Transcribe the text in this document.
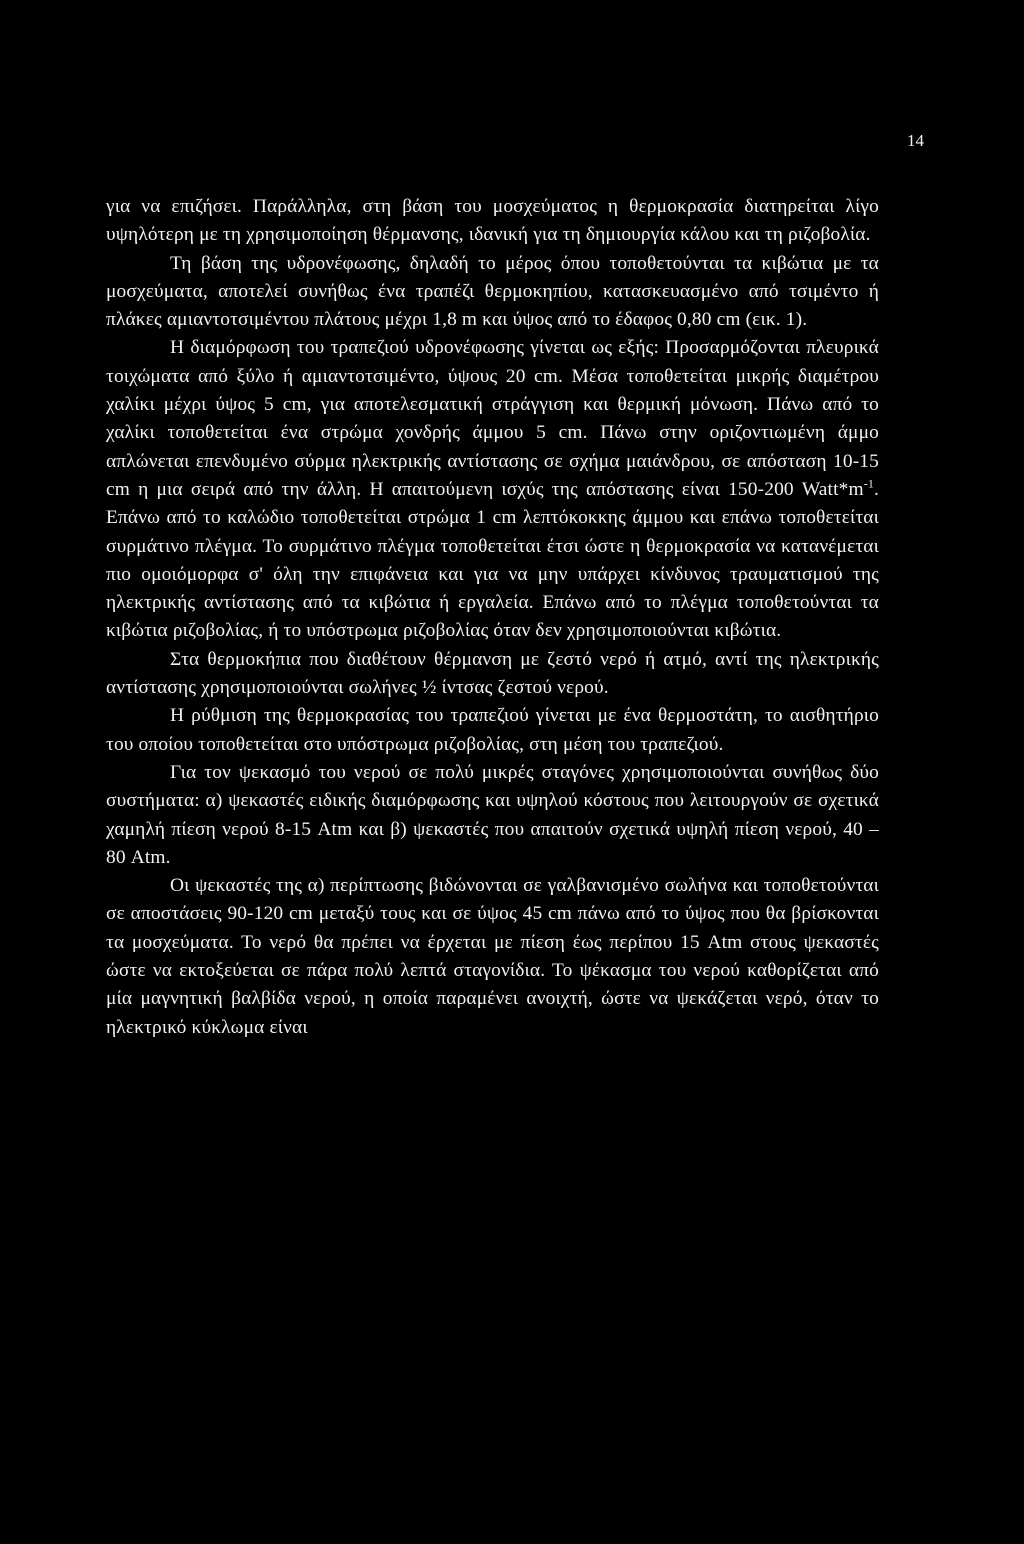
14

για να επιζήσει. Παράλληλα, στη βάση του μοσχεύματος η θερμοκρασία διατηρείται λίγο υψηλότερη με τη χρησιμοποίηση θέρμανσης, ιδανική για τη δημιουργία κάλου και τη ριζοβολία.

Τη βάση της υδρονέφωσης, δηλαδή το μέρος όπου τοποθετούνται τα κιβώτια με τα μοσχεύματα, αποτελεί συνήθως ένα τραπέζι θερμοκηπίου, κατασκευασμένο από τσιμέντο ή πλάκες αμιαντοτσιμέντου πλάτους μέχρι 1,8 m και ύψος από το έδαφος 0,80 cm (εικ. 1).

Η διαμόρφωση του τραπεζιού υδρονέφωσης γίνεται ως εξής: Προσαρμόζονται πλευρικά τοιχώματα από ξύλο ή αμιαντοτσιμέντο, ύψους 20 cm. Μέσα τοποθετείται μικρής διαμέτρου χαλίκι μέχρι ύψος 5 cm, για αποτελεσματική στράγγιση και θερμική μόνωση. Πάνω από το χαλίκι τοποθετείται ένα στρώμα χονδρής άμμου 5 cm. Πάνω στην οριζοντιωμένη άμμο απλώνεται επενδυμένο σύρμα ηλεκτρικής αντίστασης σε σχήμα μαιάνδρου, σε απόσταση 10-15 cm η μια σειρά από την άλλη. Η απαιτούμενη ισχύς της απόστασης είναι 150-200 $Watt*m^{-1}$. Επάνω από το καλώδιο τοποθετείται στρώμα 1 cm λεπτόκοκκης άμμου και επάνω τοποθετείται συρμάτινο πλέγμα. Το συρμάτινο πλέγμα τοποθετείται έτσι ώστε η θερμοκρασία να κατανέμεται πιο ομοιόμορφα σ' όλη την επιφάνεια και για να μην υπάρχει κίνδυνος τραυματισμού της ηλεκτρικής αντίστασης από τα κιβώτια ή εργαλεία. Επάνω από το πλέγμα τοποθετούνται τα κιβώτια ριζοβολίας, ή το υπόστρωμα ριζοβολίας όταν δεν χρησιμοποιούνται κιβώτια.

Στα θερμοκήπια που διαθέτουν θέρμανση με ζεστό νερό ή ατμό, αντί της ηλεκτρικής αντίστασης χρησιμοποιούνται σωλήνες ½ ίντσας ζεστού νερού.

Η ρύθμιση της θερμοκρασίας του τραπεζιού γίνεται με ένα θερμοστάτη, το αισθητήριο του οποίου τοποθετείται στο υπόστρωμα ριζοβολίας, στη μέση του τραπεζιού.

Για τον ψεκασμό του νερού σε πολύ μικρές σταγόνες χρησιμοποιούνται συνήθως δύο συστήματα: α) ψεκαστές ειδικής διαμόρφωσης και υψηλού κόστους που λειτουργούν σε σχετικά χαμηλή πίεση νερού 8-15 Atm και β) ψεκαστές που απαιτούν σχετικά υψηλή πίεση νερού, 40 –80 Atm.

Οι ψεκαστές της α) περίπτωσης βιδώνονται σε γαλβανισμένο σωλήνα και τοποθετούνται σε αποστάσεις 90-120 cm μεταξύ τους και σε ύψος 45 cm πάνω από το ύψος που θα βρίσκονται τα μοσχεύματα. Το νερό θα πρέπει να έρχεται με πίεση έως περίπου 15 Atm στους ψεκαστές ώστε να εκτοξεύεται σε πάρα πολύ λεπτά σταγονίδια. Το ψέκασμα του νερού καθορίζεται από μία μαγνητική βαλβίδα νερού, η οποία παραμένει ανοιχτή, ώστε να ψεκάζεται νερό, όταν το ηλεκτρικό κύκλωμα είναι
